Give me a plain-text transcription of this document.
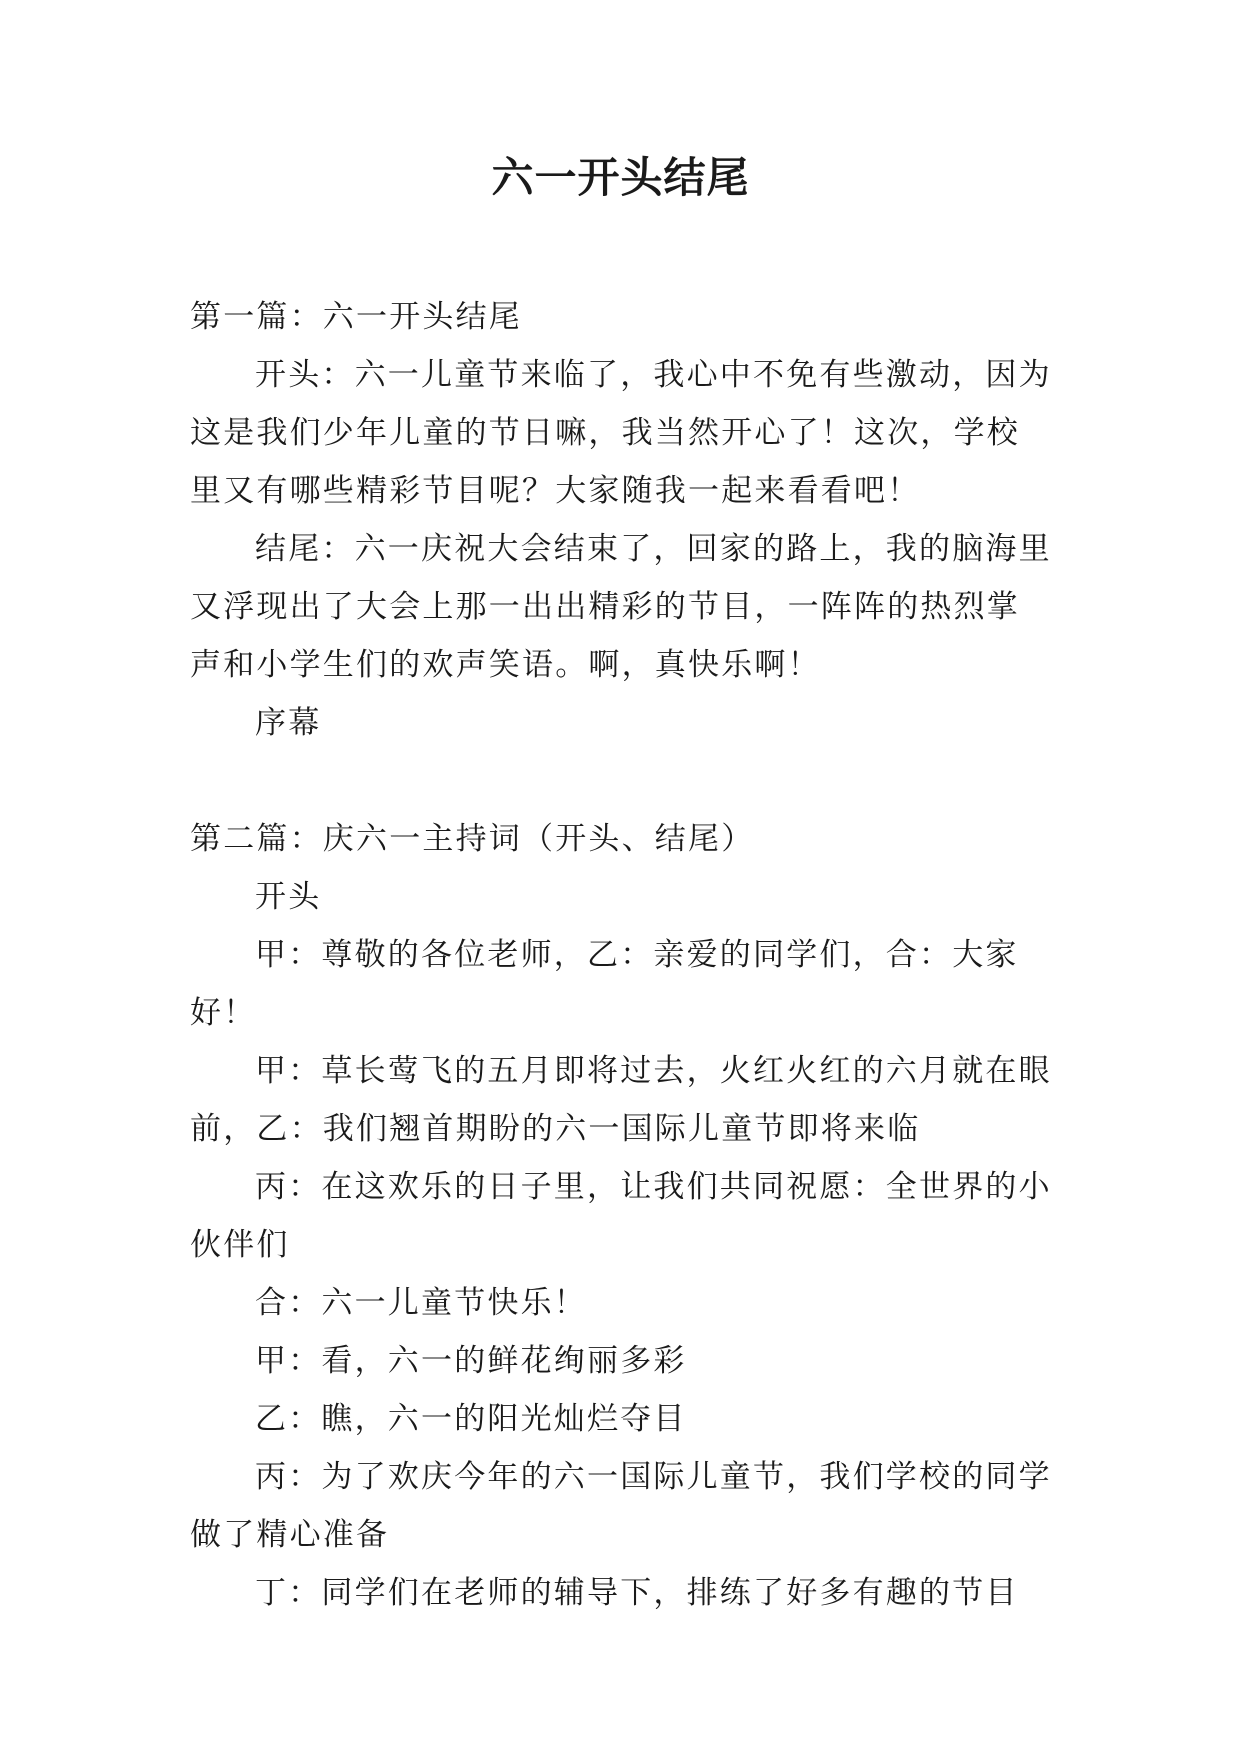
六一开头结尾

第一篇：六一开头结尾

开头：六一儿童节来临了，我心中不免有些激动，因为这是我们少年儿童的节日嘛，我当然开心了！这次，学校里又有哪些精彩节目呢？大家随我一起来看看吧！

结尾：六一庆祝大会结束了，回家的路上，我的脑海里又浮现出了大会上那一出出精彩的节目，一阵阵的热烈掌声和小学生们的欢声笑语。啊，真快乐啊！

序幕

第二篇：庆六一主持词（开头、结尾）

开头

甲：尊敬的各位老师，乙：亲爱的同学们，合：大家好！

甲：草长莺飞的五月即将过去，火红火红的六月就在眼前，乙：我们翘首期盼的六一国际儿童节即将来临

丙：在这欢乐的日子里，让我们共同祝愿：全世界的小伙伴们

合：六一儿童节快乐！

甲：看，六一的鲜花绚丽多彩

乙：瞧，六一的阳光灿烂夺目

丙：为了欢庆今年的六一国际儿童节，我们学校的同学做了精心准备

丁：同学们在老师的辅导下，排练了好多有趣的节目
